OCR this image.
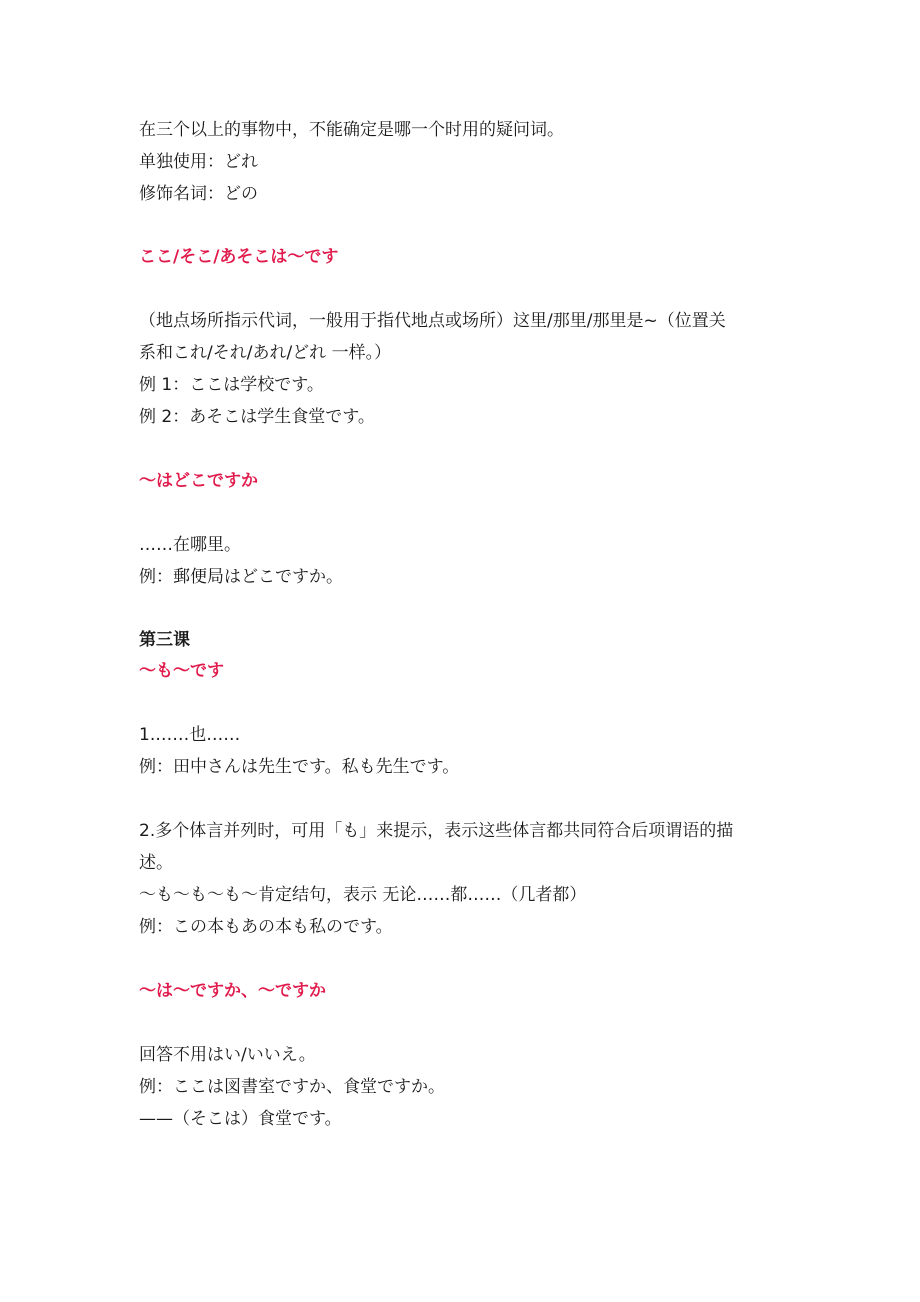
在三个以上的事物中，不能确定是哪一个时用的疑问词。

单独使用：どれ

修饰名词：どの

ここ/そこ/あそこは～です

（地点场所指示代词，一般用于指代地点或场所）这里/那里/那里是~（位置关

系和これ/それ/あれ/どれ 一样。）

例 1：ここは学校です。

例 2：あそこは学生食堂です。

～はどこですか

……在哪里。

例：郵便局はどこですか。

第三课

～も～です

1.……也……

例：田中さんは先生です。私も先生です。

2.多个体言并列时，可用「も」来提示，表示这些体言都共同符合后项谓语的描

述。

～も～も～も～肯定结句，表示 无论……都……（几者都）

例：この本もあの本も私のです。

～は～ですか、～ですか

回答不用はい/いいえ。

例：ここは図書室ですか、食堂ですか。

——（そこは）食堂です。
